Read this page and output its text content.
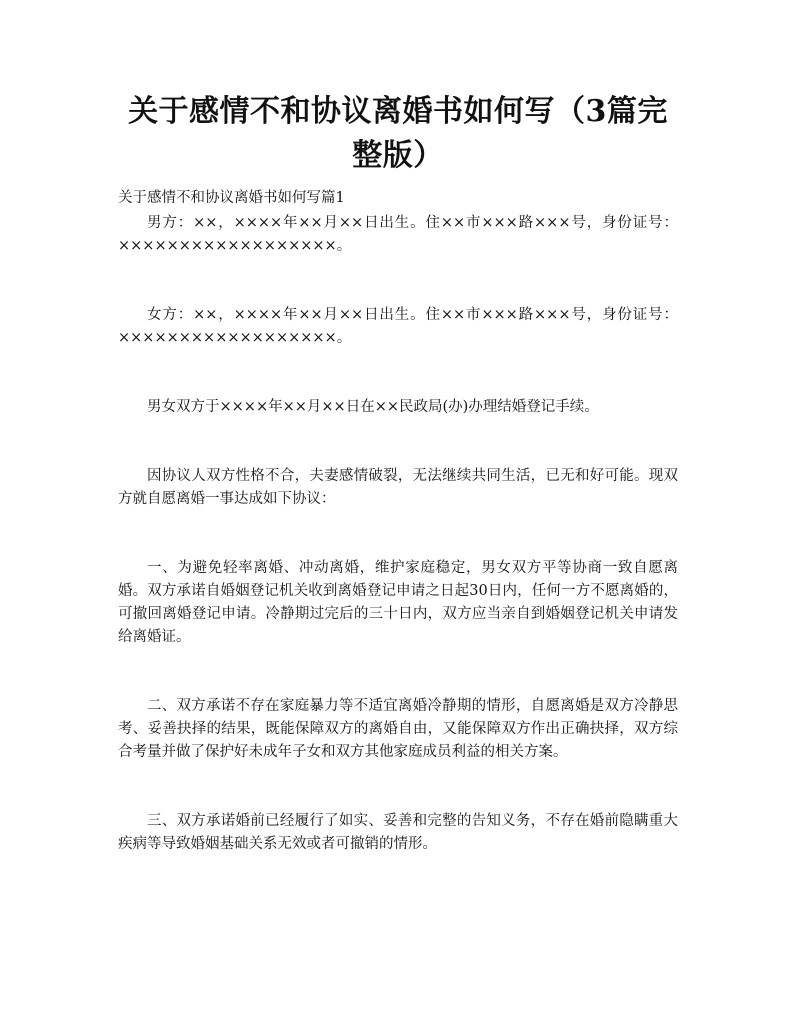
关于感情不和协议离婚书如何写（3篇完整版）

关于感情不和协议离婚书如何写篇1

男方：××，××××年××月××日出生。住××市×××路×××号，身份证号：××××××××××××××××××。

女方：××，××××年××月××日出生。住××市×××路×××号，身份证号：××××××××××××××××××。

男女双方于××××年××月××日在××民政局(办)办理结婚登记手续。

因协议人双方性格不合，夫妻感情破裂，无法继续共同生活，已无和好可能。现双方就自愿离婚一事达成如下协议：

一、为避免轻率离婚、冲动离婚，维护家庭稳定，男女双方平等协商一致自愿离婚。双方承诺自婚姻登记机关收到离婚登记申请之日起30日内，任何一方不愿离婚的，可撤回离婚登记申请。冷静期过完后的三十日内，双方应当亲自到婚姻登记机关申请发给离婚证。

二、双方承诺不存在家庭暴力等不适宜离婚冷静期的情形，自愿离婚是双方冷静思考、妥善抉择的结果，既能保障双方的离婚自由，又能保障双方作出正确抉择，双方综合考量并做了保护好未成年子女和双方其他家庭成员利益的相关方案。

三、双方承诺婚前已经履行了如实、妥善和完整的告知义务，不存在婚前隐瞒重大疾病等导致婚姻基础关系无效或者可撤销的情形。
